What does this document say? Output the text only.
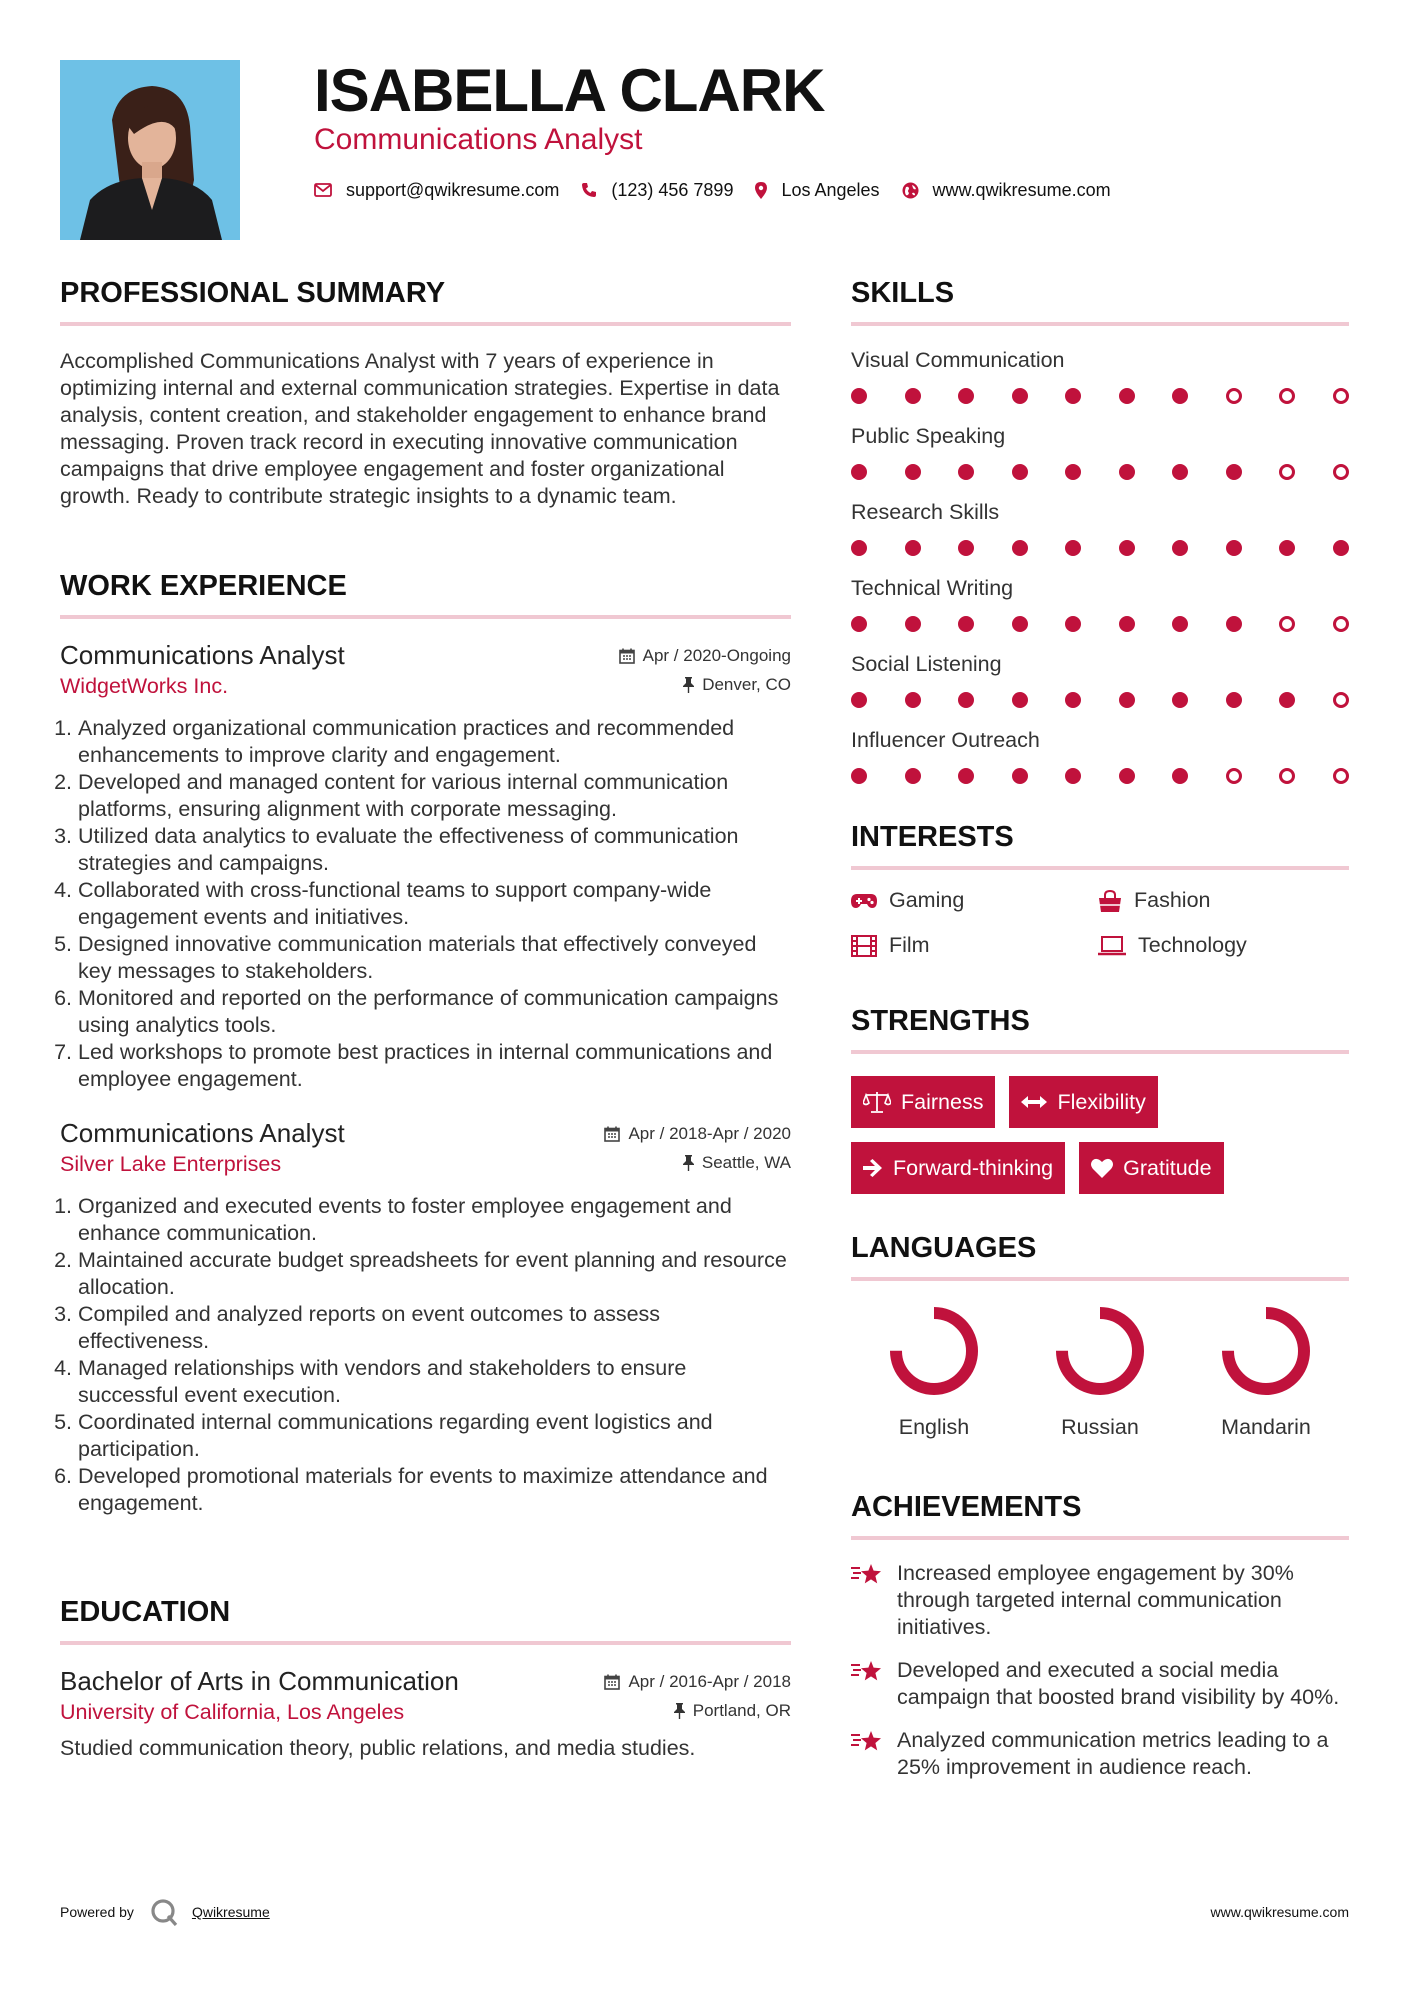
ISABELLA CLARK
Communications Analyst
support@qwikresume.com	(123) 456 7899	Los Angeles	www.qwikresume.com
PROFESSIONAL SUMMARY
Accomplished Communications Analyst with 7 years of experience in optimizing internal and external communication strategies. Expertise in data analysis, content creation, and stakeholder engagement to enhance brand messaging. Proven track record in executing innovative communication campaigns that drive employee engagement and foster organizational growth. Ready to contribute strategic insights to a dynamic team.
WORK EXPERIENCE
Communications Analyst	Apr / 2020-Ongoing
WidgetWorks Inc.	Denver, CO
1. Analyzed organizational communication practices and recommended enhancements to improve clarity and engagement.
2. Developed and managed content for various internal communication platforms, ensuring alignment with corporate messaging.
3. Utilized data analytics to evaluate the effectiveness of communication strategies and campaigns.
4. Collaborated with cross-functional teams to support company-wide engagement events and initiatives.
5. Designed innovative communication materials that effectively conveyed key messages to stakeholders.
6. Monitored and reported on the performance of communication campaigns using analytics tools.
7. Led workshops to promote best practices in internal communications and employee engagement.
Communications Analyst	Apr / 2018-Apr / 2020
Silver Lake Enterprises	Seattle, WA
1. Organized and executed events to foster employee engagement and enhance communication.
2. Maintained accurate budget spreadsheets for event planning and resource allocation.
3. Compiled and analyzed reports on event outcomes to assess effectiveness.
4. Managed relationships with vendors and stakeholders to ensure successful event execution.
5. Coordinated internal communications regarding event logistics and participation.
6. Developed promotional materials for events to maximize attendance and engagement.
EDUCATION
Bachelor of Arts in Communication	Apr / 2016-Apr / 2018
University of California, Los Angeles	Portland, OR
Studied communication theory, public relations, and media studies.
SKILLS
Visual Communication
Public Speaking
Research Skills
Technical Writing
Social Listening
Influencer Outreach
INTERESTS
Gaming	Fashion
Film	Technology
STRENGTHS
Fairness	Flexibility
Forward-thinking	Gratitude
LANGUAGES
English	Russian	Mandarin
ACHIEVEMENTS
Increased employee engagement by 30% through targeted internal communication initiatives.
Developed and executed a social media campaign that boosted brand visibility by 40%.
Analyzed communication metrics leading to a 25% improvement in audience reach.
Powered by	Qwikresume	www.qwikresume.com
